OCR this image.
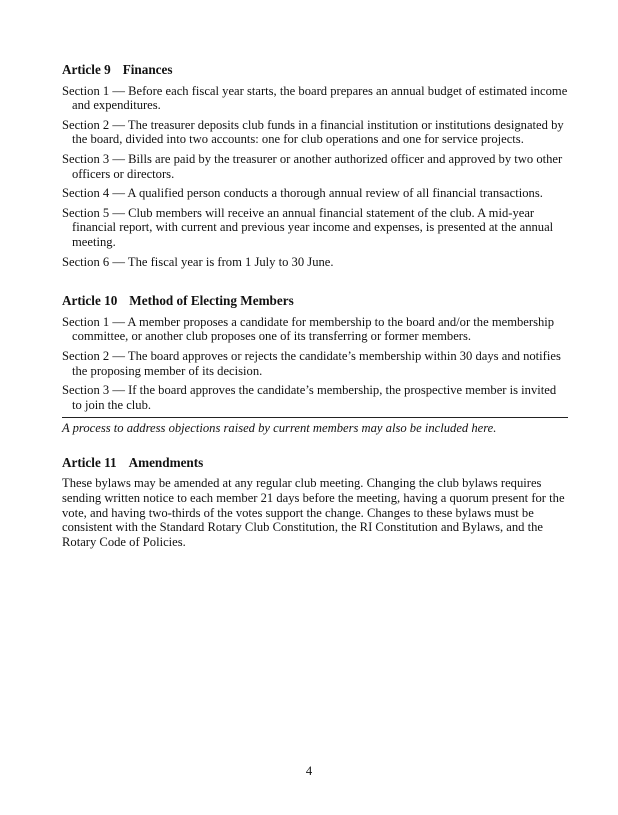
Article 9 Finances

Section 1 — Before each fiscal year starts, the board prepares an annual budget of estimated income and expenditures.

Section 2 — The treasurer deposits club funds in a financial institution or institutions designated by the board, divided into two accounts: one for club operations and one for service projects.

Section 3 — Bills are paid by the treasurer or another authorized officer and approved by two other officers or directors.

Section 4 — A qualified person conducts a thorough annual review of all financial transactions.

Section 5 — Club members will receive an annual financial statement of the club. A mid-year financial report, with current and previous year income and expenses, is presented at the annual meeting.

Section 6 — The fiscal year is from 1 July to 30 June.

Article 10 Method of Electing Members

Section 1 — A member proposes a candidate for membership to the board and/or the membership committee, or another club proposes one of its transferring or former members.

Section 2 — The board approves or rejects the candidate’s membership within 30 days and notifies the proposing member of its decision.

Section 3 — If the board approves the candidate’s membership, the prospective member is invited to join the club.

A process to address objections raised by current members may also be included here.

Article 11 Amendments

These bylaws may be amended at any regular club meeting. Changing the club bylaws requires sending written notice to each member 21 days before the meeting, having a quorum present for the vote, and having two-thirds of the votes support the change. Changes to these bylaws must be consistent with the Standard Rotary Club Constitution, the RI Constitution and Bylaws, and the Rotary Code of Policies.

4
